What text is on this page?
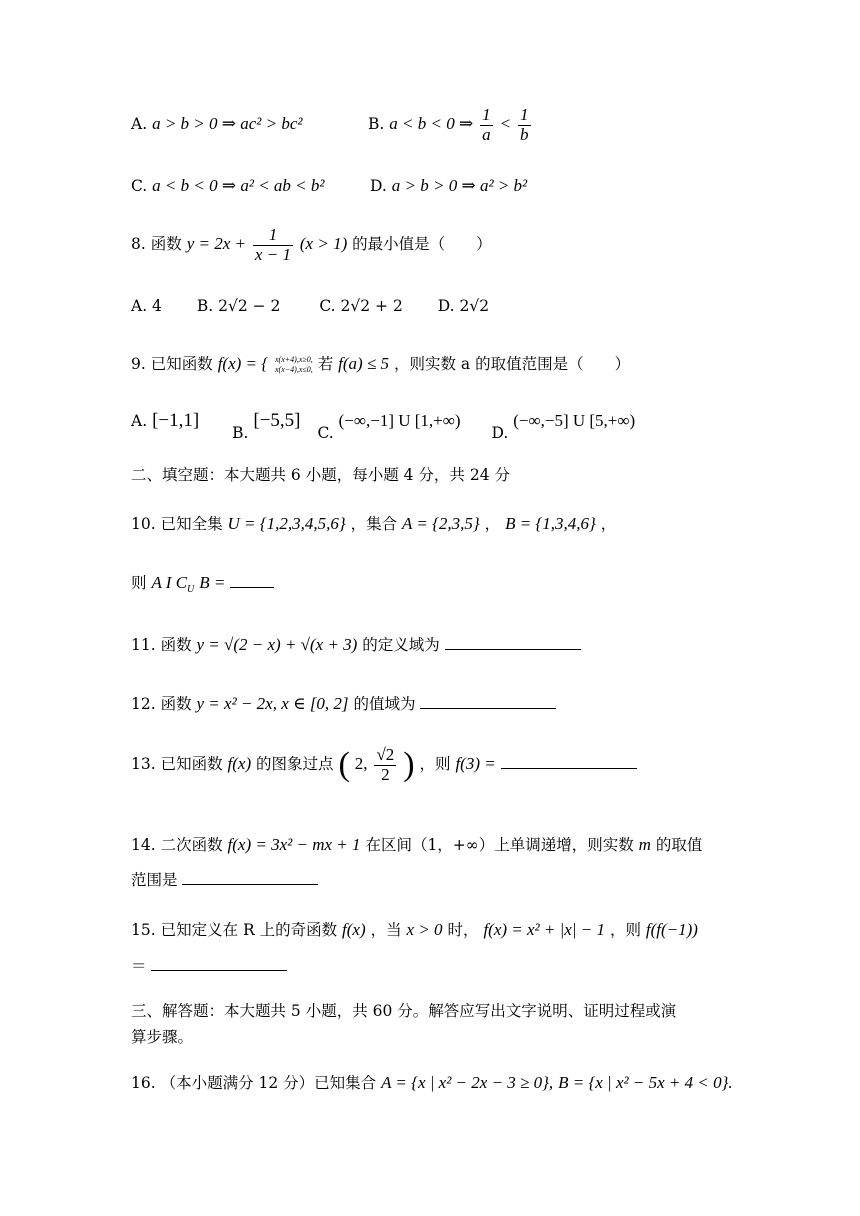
A. a > b > 0 ⇒ ac² > bc²	B. a < b < 0 ⇒ $\frac{1}{a} < \frac{1}{b}$
C. a < b < 0 ⇒ a² < ab < b²	D. a > b > 0 ⇒ a² > b²
8. 函数 $y = 2x + \frac{1}{x - 1} (x > 1)$ 的最小值是（　　）
A. 4 B. 2√2 − 2	C. 2√2 + 2 D. 2√2
9. 已知函数 f(x) = { x(x+4),x≥0,
x(x−4),x≤0, 若 f(a) ≤ 5 ，则实数 a 的取值范围是（　　）
A. [−1,1] B. [−5,5] C. (−∞,−1] U [1,+∞) D. (−∞,−5] U [5,+∞)
二、填空题：本大题共 6 小题，每小题 4 分，共 24 分
10. 已知全集 U = {1,2,3,4,5,6} ，集合 A = {2,3,5} ， B = {1,3,4,6} ，
则 A I $C_U$ B =
11. 函数 y = √(2 − x) + √(x + 3) 的定义域为
12. 函数 y = x² − 2x, x ∈ [0, 2] 的值域为
13. 已知函数 f(x) 的图象过点 ( 2, $\frac{√2}{2}$ ) ，则 f(3) =
14. 二次函数 f(x) = 3x² − mx + 1 在区间（1，+∞）上单调递增，则实数 m 的取值
范围是
15. 已知定义在 R 上的奇函数 f(x) ，当 x > 0 时， f(x) = x² + |x| − 1 ，则 f(f(−1))
＝
三、解答题：本大题共 5 小题，共 60 分。解答应写出文字说明、证明过程或演
算步骤。
16. （本小题满分 12 分）已知集合 A = {x | x² − 2x − 3 ≥ 0}, B = {x | x² − 5x + 4 < 0}.
